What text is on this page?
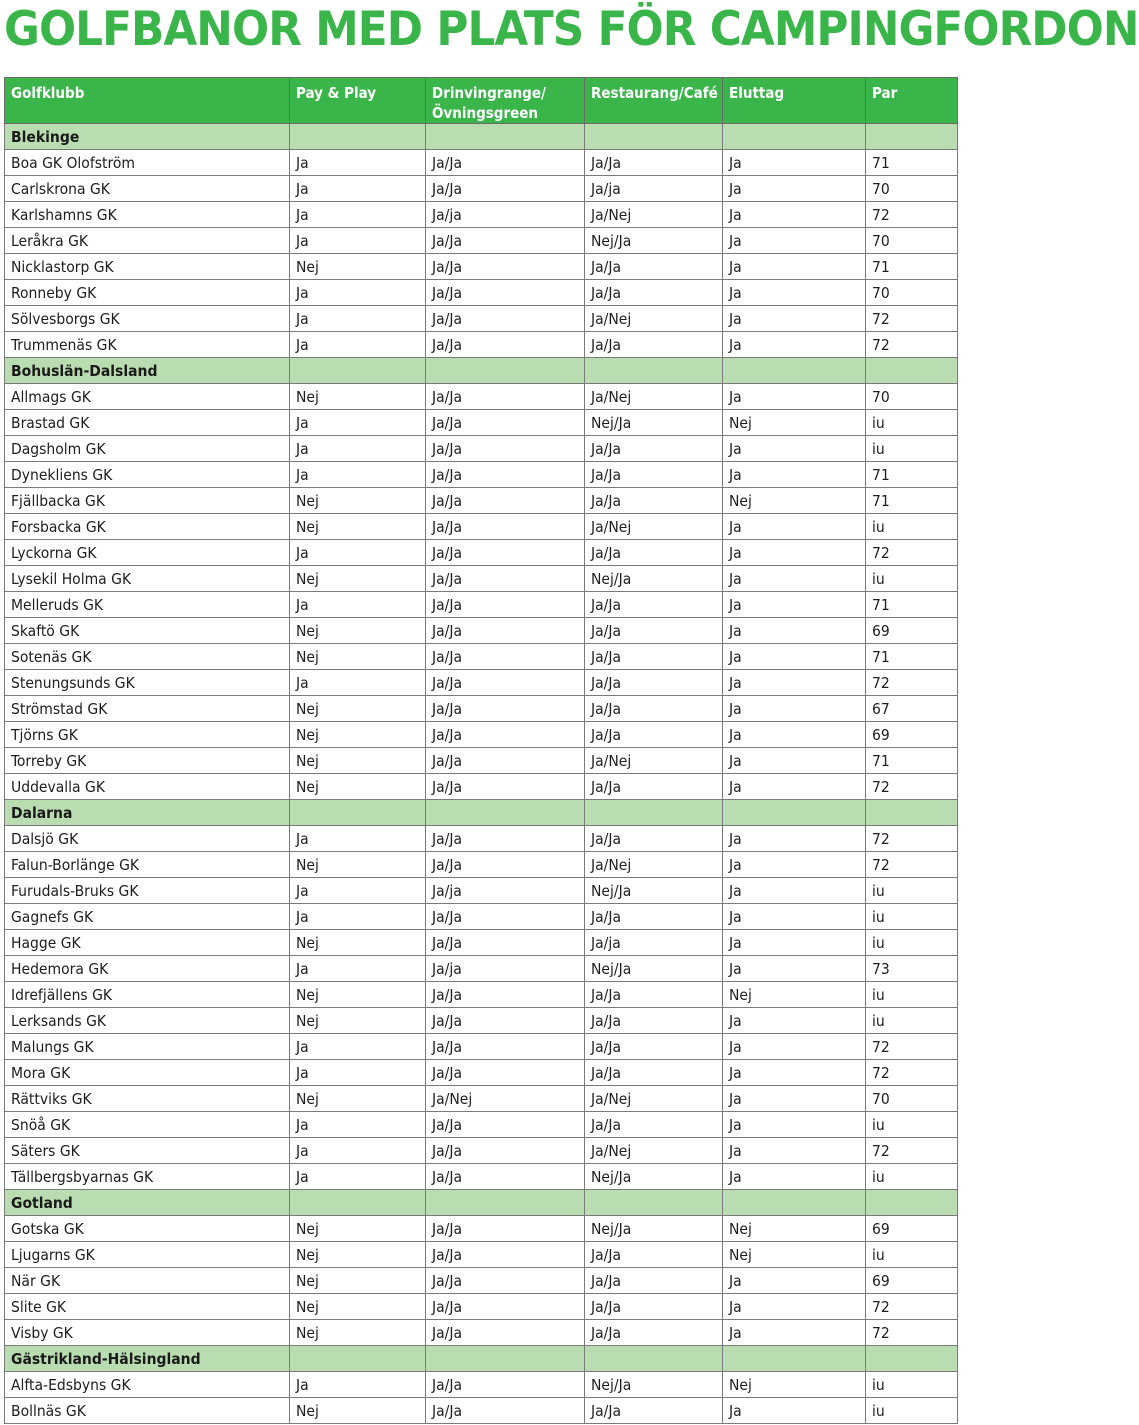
GOLFBANOR MED PLATS FÖR CAMPINGFORDON
Golfklubb	Pay & Play	Drinvingrange/ Övningsgreen	Restaurang/Café	Eluttag	Par
Blekinge					
Boa GK Olofström	Ja	Ja/Ja	Ja/Ja	Ja	71
Carlskrona GK	Ja	Ja/Ja	Ja/ja	Ja	70
Karlshamns GK	Ja	Ja/ja	Ja/Nej	Ja	72
Leråkra GK	Ja	Ja/Ja	Nej/Ja	Ja	70
Nicklastorp GK	Nej	Ja/Ja	Ja/Ja	Ja	71
Ronneby GK	Ja	Ja/Ja	Ja/Ja	Ja	70
Sölvesborgs GK	Ja	Ja/Ja	Ja/Nej	Ja	72
Trummenäs GK	Ja	Ja/Ja	Ja/Ja	Ja	72
Bohuslän-Dalsland					
Allmags GK	Nej	Ja/Ja	Ja/Nej	Ja	70
Brastad GK	Ja	Ja/Ja	Nej/Ja	Nej	iu
Dagsholm GK	Ja	Ja/Ja	Ja/Ja	Ja	iu
Dynekliens GK	Ja	Ja/Ja	Ja/Ja	Ja	71
Fjällbacka GK	Nej	Ja/Ja	Ja/Ja	Nej	71
Forsbacka GK	Nej	Ja/Ja	Ja/Nej	Ja	iu
Lyckorna GK	Ja	Ja/Ja	Ja/Ja	Ja	72
Lysekil Holma GK	Nej	Ja/Ja	Nej/Ja	Ja	iu
Melleruds GK	Ja	Ja/Ja	Ja/Ja	Ja	71
Skaftö GK	Nej	Ja/Ja	Ja/Ja	Ja	69
Sotenäs GK	Nej	Ja/Ja	Ja/Ja	Ja	71
Stenungsunds GK	Ja	Ja/Ja	Ja/Ja	Ja	72
Strömstad GK	Nej	Ja/Ja	Ja/Ja	Ja	67
Tjörns GK	Nej	Ja/Ja	Ja/Ja	Ja	69
Torreby GK	Nej	Ja/Ja	Ja/Nej	Ja	71
Uddevalla GK	Nej	Ja/Ja	Ja/Ja	Ja	72
Dalarna					
Dalsjö GK	Ja	Ja/Ja	Ja/Ja	Ja	72
Falun-Borlänge GK	Nej	Ja/Ja	Ja/Nej	Ja	72
Furudals-Bruks GK	Ja	Ja/ja	Nej/Ja	Ja	iu
Gagnefs GK	Ja	Ja/Ja	Ja/Ja	Ja	iu
Hagge GK	Nej	Ja/Ja	Ja/ja	Ja	iu
Hedemora GK	Ja	Ja/ja	Nej/Ja	Ja	73
Idrefjällens GK	Nej	Ja/Ja	Ja/Ja	Nej	iu
Lerksands GK	Nej	Ja/Ja	Ja/Ja	Ja	iu
Malungs GK	Ja	Ja/Ja	Ja/Ja	Ja	72
Mora GK	Ja	Ja/Ja	Ja/Ja	Ja	72
Rättviks GK	Nej	Ja/Nej	Ja/Nej	Ja	70
Snöå GK	Ja	Ja/Ja	Ja/Ja	Ja	iu
Säters GK	Ja	Ja/Ja	Ja/Nej	Ja	72
Tällbergsbyarnas GK	Ja	Ja/Ja	Nej/Ja	Ja	iu
Gotland					
Gotska GK	Nej	Ja/Ja	Nej/Ja	Nej	69
Ljugarns GK	Nej	Ja/Ja	Ja/Ja	Nej	iu
När GK	Nej	Ja/Ja	Ja/Ja	Ja	69
Slite GK	Nej	Ja/Ja	Ja/Ja	Ja	72
Visby GK	Nej	Ja/Ja	Ja/Ja	Ja	72
Gästrikland-Hälsingland					
Alfta-Edsbyns GK	Ja	Ja/Ja	Nej/Ja	Nej	iu
Bollnäs GK	Nej	Ja/Ja	Ja/Ja	Ja	iu
